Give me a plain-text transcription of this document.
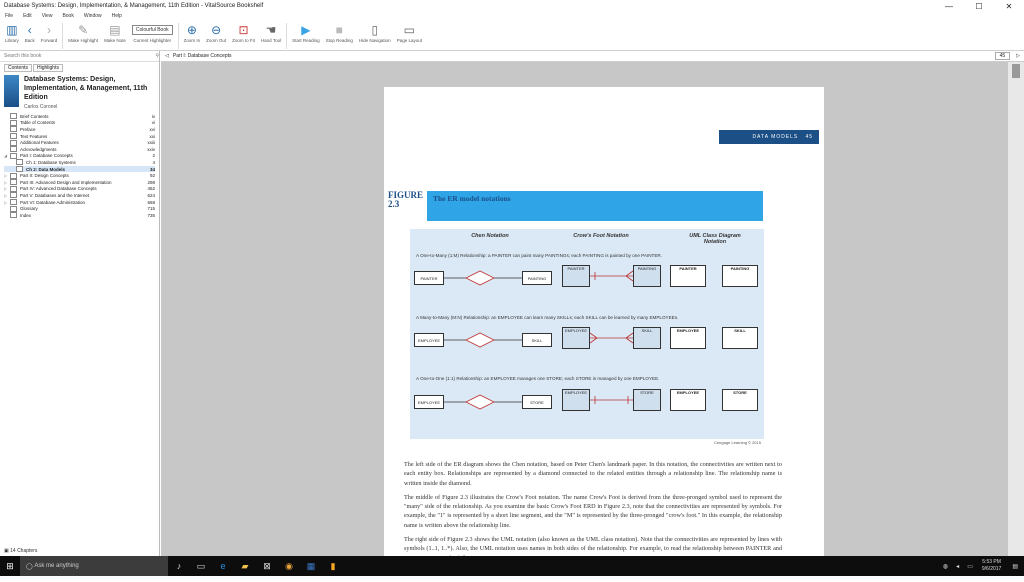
Database Systems: Design, Implementation, & Management, 11th Edition - VitalSource Bookshelf	—	☐	✕
File	Edit	View	Book	Window	Help
▥
Library
‹
Back
›
Forward
✎
Make Highlight
▤
Make Note
Colourful Book
Current Highlighter
⊕
Zoom In
⊖
Zoom Out
⊡
Zoom to Fit
☚
Hand Tool
▶
Start Reading
■
Stop Reading
▯
Hide Navigation
▭
Page Layout
Search this book	⚲
Contents	Highlights
Database Systems: Design, Implementation, & Management, 11th Edition
Carlos Coronel
Brief Contents	iv
Table of Contents	vi
Preface	xvi
Text Features	xxi
Additional Features	xxiii
Acknowledgments	xxiv
◢	Part I: Database Concepts	2
Ch 1: Database Systems	4
Ch 2: Data Models	34
▷	Part II: Design Concepts	92
▷	Part III: Advanced Design and Implementation	298
▷	Part IV: Advanced Database Concepts	452
▷	Part V: Databases and the Internet	624
▷	Part VI: Database Administration	668
Glossary	715
Index	735
▣ 14 Chapters
◁ Part I: Database Concepts	45	▷
DATA MODELS 45
FIGURE 2.3
The ER model notations
Chen Notation	Crow's Foot Notation	UML Class Diagram Notation
A One-to-Many (1:M) Relationship: a PAINTER can paint many PAINTINGs; each PAINTING is painted by one PAINTER.
PAINTER	PAINTING
PAINTER	PAINTING	PAINTER	PAINTING
A Many-to-Many (M:N) Relationship: an EMPLOYEE can learn many SKILLs; each SKILL can be learned by many EMPLOYEEs.
EMPLOYEE	SKILL
EMPLOYEE	SKILL	EMPLOYEE	SKILL
A One-to-One (1:1) Relationship: an EMPLOYEE manages one STORE; each STORE is managed by one EMPLOYEE.
EMPLOYEE	STORE
EMPLOYEE	STORE	EMPLOYEE	STORE
Cengage Learning © 2015

The left side of the ER diagram shows the Chen notation, based on Peter Chen's landmark paper. In this notation, the connectivities are written next to each entity box. Relationships are represented by a diamond connected to the related entities through a relationship line. The relationship name is written inside the diamond.

The middle of Figure 2.3 illustrates the Crow's Foot notation. The name Crow's Foot is derived from the three-pronged symbol used to represent the "many" side of the relationship. As you examine the basic Crow's Foot ERD in Figure 2.3, note that the connectivities are represented by symbols. For example, the "1" is represented by a short line segment, and the "M" is represented by the three-pronged "crow's foot." In this example, the relationship name is written above the relationship line.

The right side of Figure 2.3 shows the UML notation (also known as the UML class notation). Note that the connectivities are represented by lines with symbols (1..1, 1..*). Also, the UML notation uses names in both sides of the relationship. For example, to read the relationship between PAINTER and

⊞	◯ Ask me anything	♪	▭	e	▰	⊠	◉	▦	▮	◍	◂	▭
5:53 PM
9/6/2017	▤
